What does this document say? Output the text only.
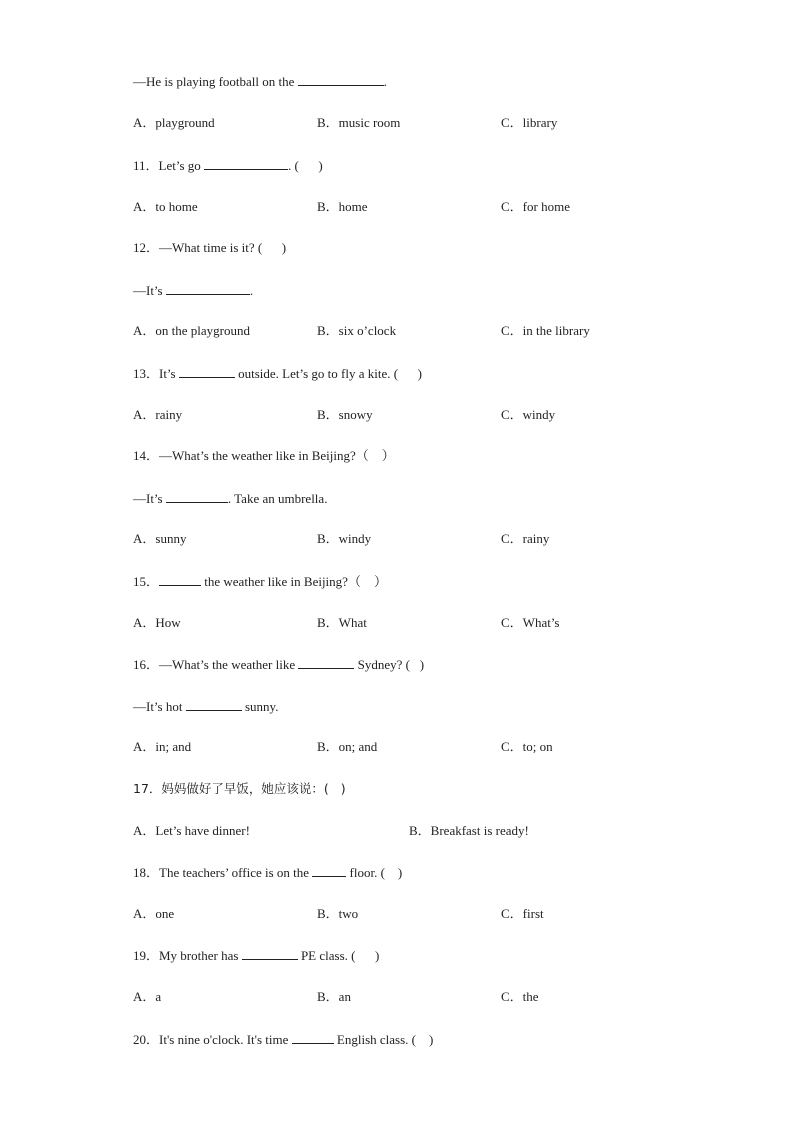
—He is playing football on the	.
A．playground	B．music room	C．library
11．Let’s go	. (      )
A．to home	B．home	C．for home
12．—What time is it? (      )
—It’s	.
A．on the playground	B．six o’clock	C．in the library
13．It’s	outside. Let’s go to fly a kite. (      )
A．rainy	B．snowy	C．windy
14．—What’s the weather like in Beijing?（    ）
—It’s	. Take an umbrella.
A．sunny	B．windy	C．rainy
15．	the weather like in Beijing?（    ）
A．How	B．What	C．What’s
16．—What’s the weather like	Sydney? (   )
—It’s hot	sunny.
A．in; and	B．on; and	C．to; on
17．妈妈做好了早饭，她应该说：(   )
A．Let’s have dinner!	B．Breakfast is ready!
18．The teachers’ office is on the	floor. (    )
A．one	B．two	C．first
19．My brother has	PE class. (      )
A．a	B．an	C．the
20．It's nine o'clock. It's time	English class. (    )
